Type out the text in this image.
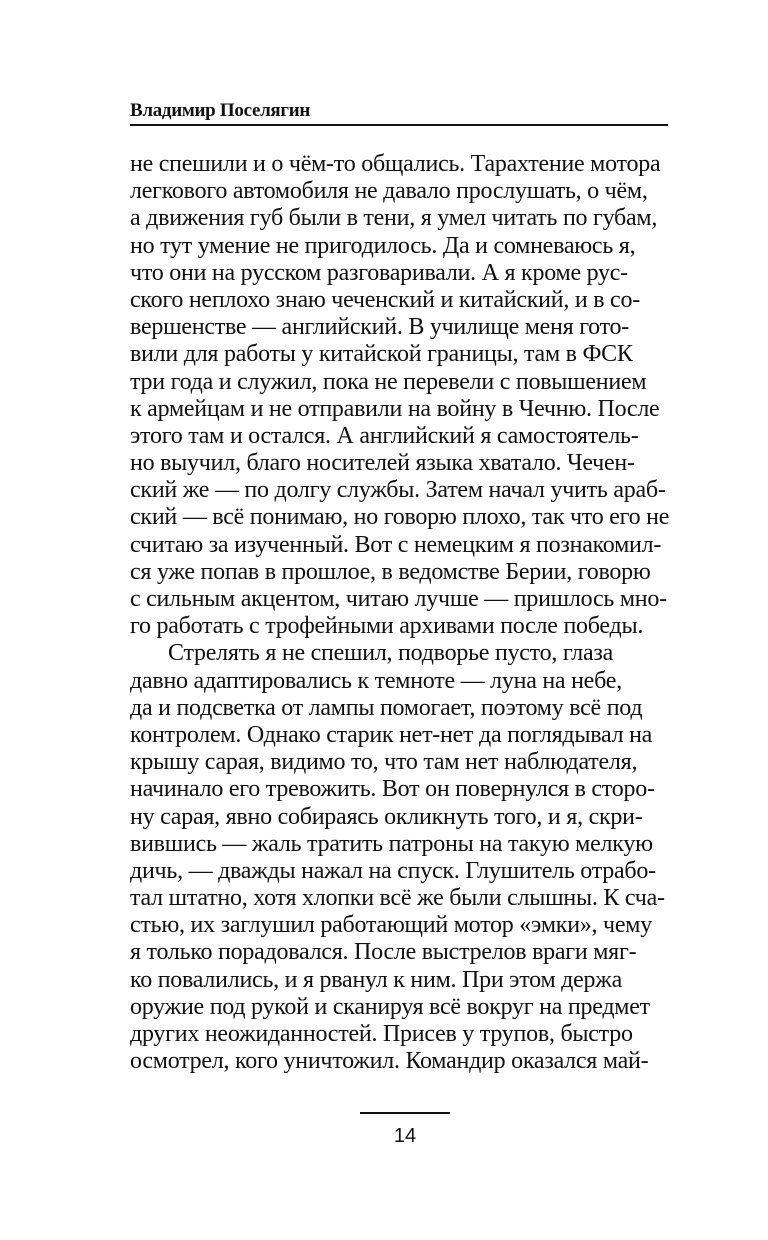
Владимир Поселягин
не спешили и о чём-то общались. Тарахтение мотора
легкового автомобиля не давало прослушать, о чём,
а движения губ были в тени, я умел читать по губам,
но тут умение не пригодилось. Да и сомневаюсь я,
что они на русском разговаривали. А я кроме рус-
ского неплохо знаю чеченский и китайский, и в со-
вершенстве — английский. В училище меня гото-
вили для работы у китайской границы, там в ФСК
три года и служил, пока не перевели с повышением
к армейцам и не отправили на войну в Чечню. После
этого там и остался. А английский я самостоятель-
но выучил, благо носителей языка хватало. Чечен-
ский же — по долгу службы. Затем начал учить араб-
ский — всё понимаю, но говорю плохо, так что его не
считаю за изученный. Вот с немецким я познакомил-
ся уже попав в прошлое, в ведомстве Берии, говорю
с сильным акцентом, читаю лучше — пришлось мно-
го работать с трофейными архивами после победы.
Стрелять я не спешил, подворье пусто, глаза
давно адаптировались к темноте — луна на небе,
да и подсветка от лампы помогает, поэтому всё под
контролем. Однако старик нет-нет да поглядывал на
крышу сарая, видимо то, что там нет наблюдателя,
начинало его тревожить. Вот он повернулся в сторо-
ну сарая, явно собираясь окликнуть того, и я, скри-
вившись — жаль тратить патроны на такую мелкую
дичь, — дважды нажал на спуск. Глушитель отрабо-
тал штатно, хотя хлопки всё же были слышны. К сча-
стью, их заглушил работающий мотор «эмки», чему
я только порадовался. После выстрелов враги мяг-
ко повалились, и я рванул к ним. При этом держа
оружие под рукой и сканируя всё вокруг на предмет
других неожиданностей. Присев у трупов, быстро
осмотрел, кого уничтожил. Командир оказался май-
14
